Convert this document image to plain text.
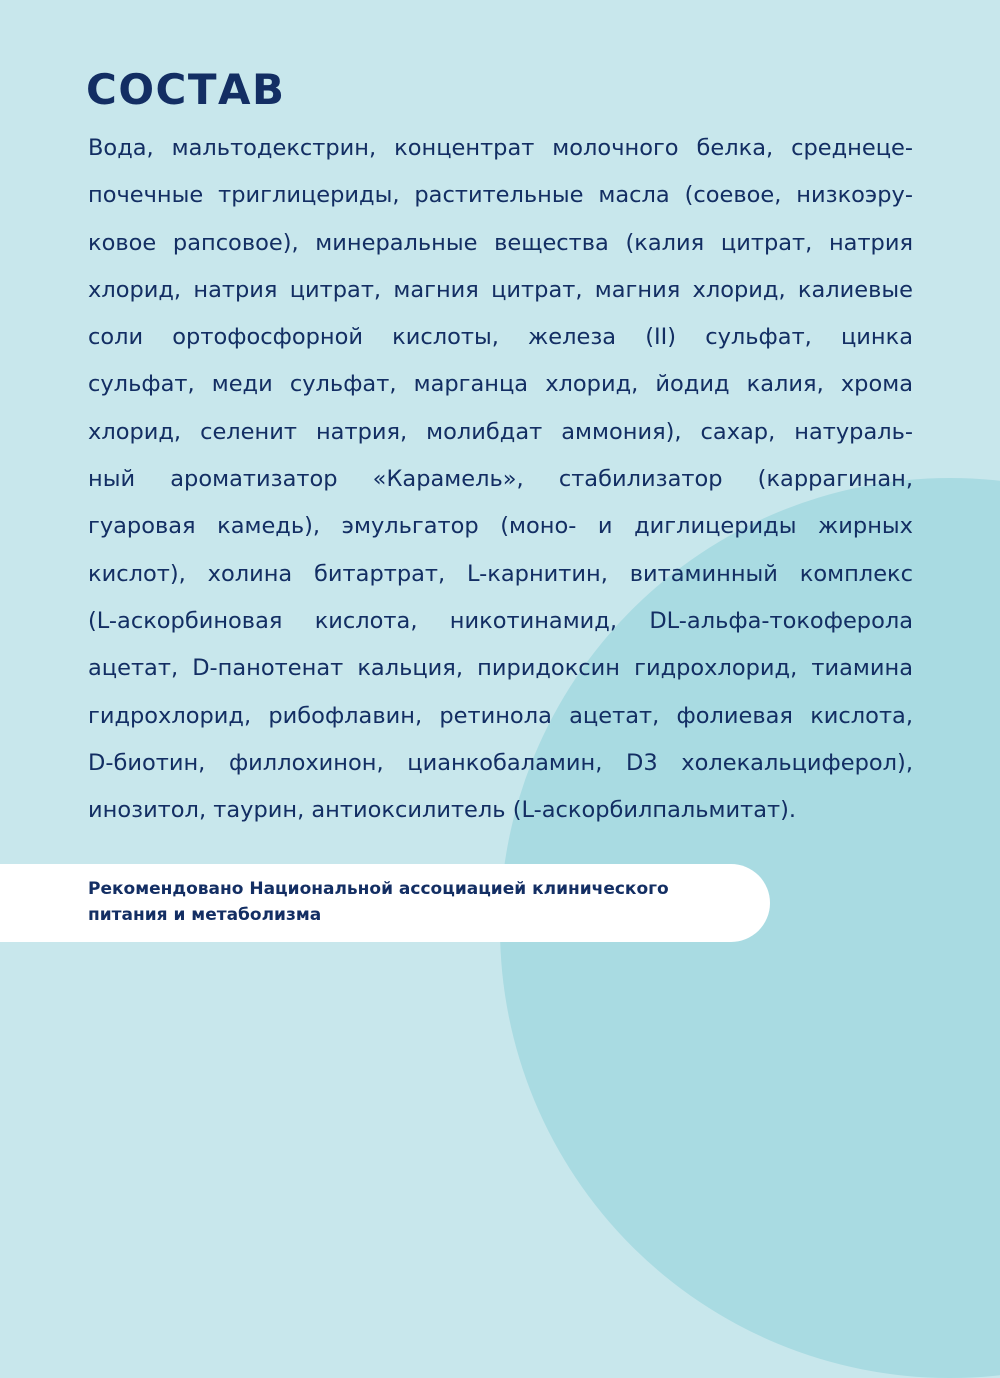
СОСТАВ
Вода, мальтодекстрин, концентрат молочного белка, среднеце-
почечные триглицериды, растительные масла (соевое, низкоэру-
ковое рапсовое), минеральные вещества (калия цитрат, натрия
хлорид, натрия цитрат, магния цитрат, магния хлорид, калиевые
соли ортофосфорной кислоты, железа (II) сульфат, цинка
сульфат, меди сульфат, марганца хлорид, йодид калия, хрома
хлорид, селенит натрия, молибдат аммония), сахар, натураль-
ный ароматизатор «Карамель», стабилизатор (каррагинан,
гуаровая камедь), эмульгатор (моно- и диглицериды жирных
кислот), холина битартрат, L-карнитин, витаминный комплекс
(L-аскорбиновая кислота, никотинамид, DL-альфа-токоферола
ацетат, D-панотенат кальция, пиридоксин гидрохлорид, тиамина
гидрохлорид, рибофлавин, ретинола ацетат, фолиевая кислота,
D-биотин, филлохинон, цианкобаламин, D3 холекальциферол),
инозитол, таурин, антиоксилитель (L-аскорбилпальмитат).

Рекомендовано Национальной ассоциацией клинического
питания и метаболизма
